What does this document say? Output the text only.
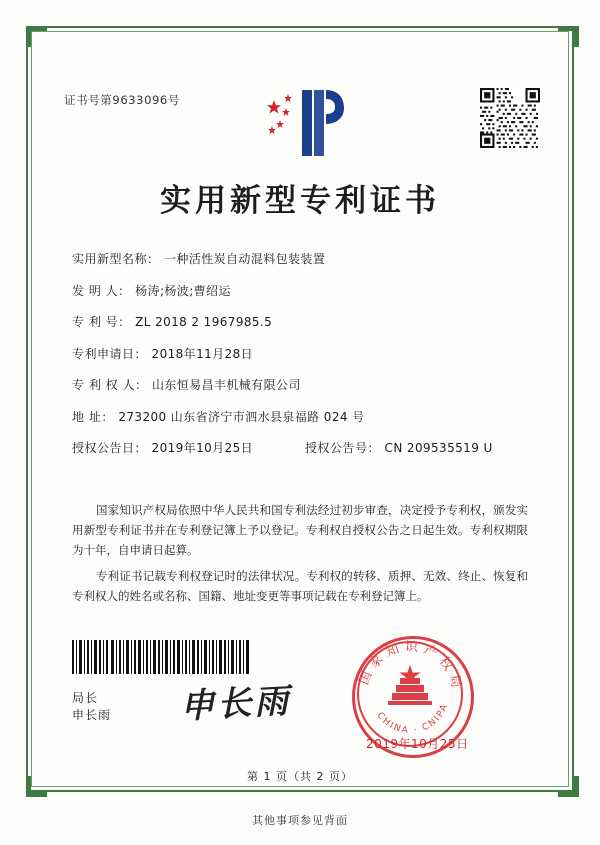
证书号第9633096号
实用新型专利证书
实用新型名称 ： 一种活性炭自动混料包装装置
发 明 人 ： 杨涛;杨波;曹绍运
专 利 号 ： ZL 2018 2 1967985.5
专利申请日 ： 2018年11月28日
专 利 权 人 ： 山东恒易昌丰机械有限公司
地 址 ： 273200 山东省济宁市泗水县泉福路 024 号
授权公告日 ： 2019年10月25日	授权公告号 ： CN 209535519 U

国家知识产权局依照中华人民共和国专利法经过初步审查，决定授予专利权，颁发实用新型专利证书并在专利登记簿上予以登记。专利权自授权公告之日起生效。专利权期限为十年，自申请日起算。

专利证书记载专利权登记时的法律状况。专利权的转移、质押、无效、终止、恢复和专利权人的姓名或名称、国籍、地址变更等事项记载在专利登记簿上。

局长
申长雨 申长雨
国家知识产权局
CHINA · CNIPA
2019年10月25日
第 1 页（共 2 页）
其他事项参见背面
